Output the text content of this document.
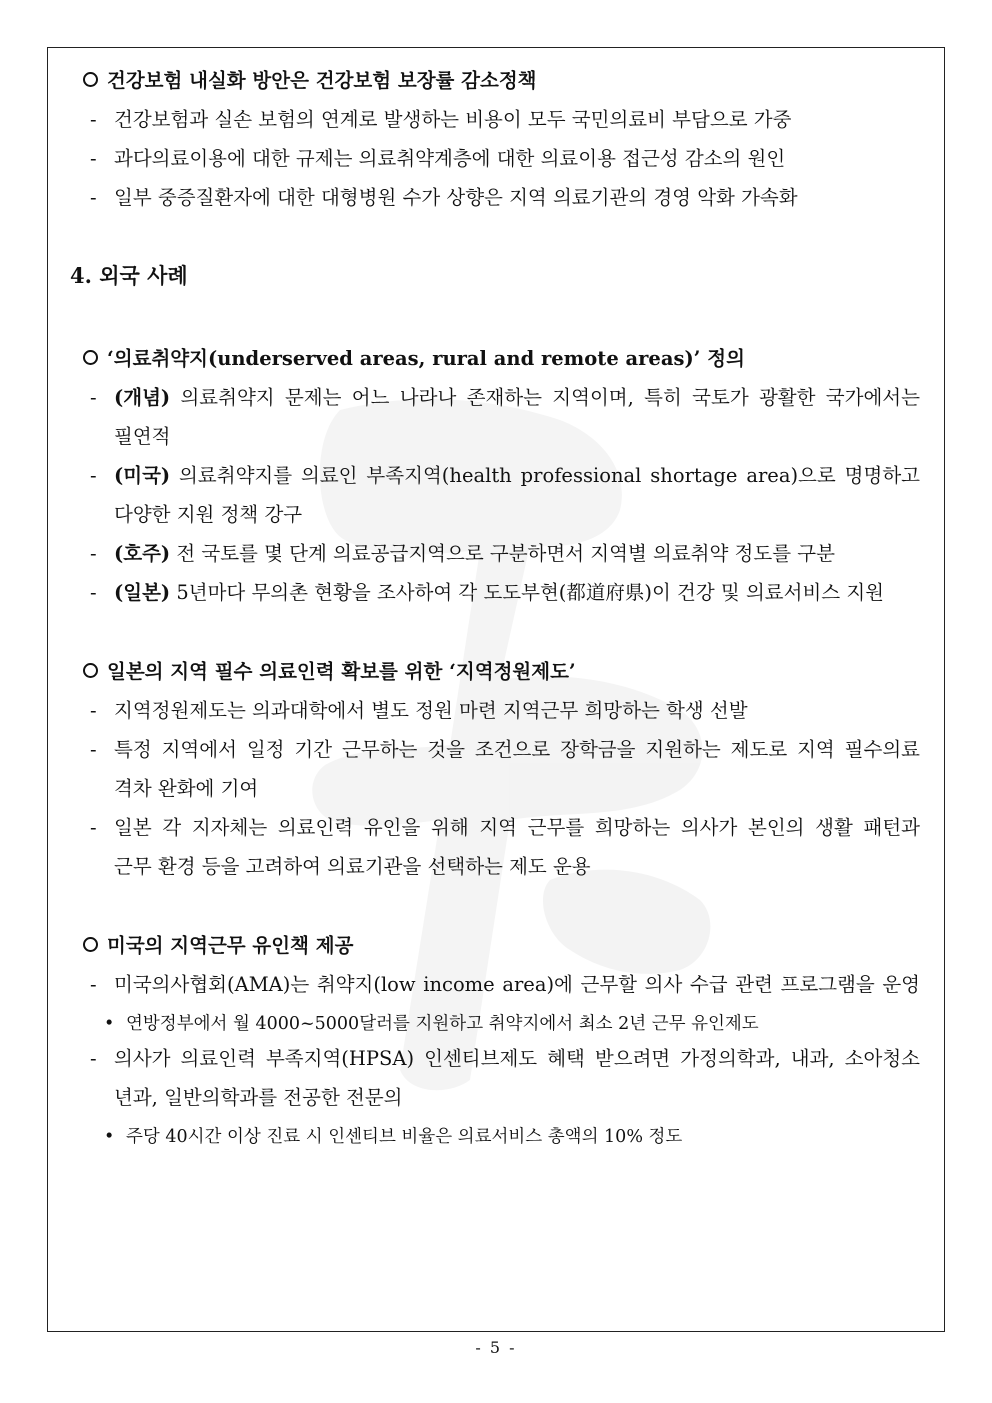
건강보험 내실화 방안은 건강보험 보장률 감소정책
- 건강보험과 실손 보험의 연계로 발생하는 비용이 모두 국민의료비 부담으로 가중
- 과다의료이용에 대한 규제는 의료취약계층에 대한 의료이용 접근성 감소의 원인
- 일부 중증질환자에 대한 대형병원 수가 상향은 지역 의료기관의 경영 악화 가속화
4. 외국 사례
‘의료취약지(underserved areas, rural and remote areas)’ 정의
- (개념) 의료취약지 문제는 어느 나라나 존재하는 지역이며, 특히 국토가 광활한 국가에서는
필연적
- (미국) 의료취약지를 의료인 부족지역(health professional shortage area)으로 명명하고
다양한 지원 정책 강구
- (호주) 전 국토를 몇 단계 의료공급지역으로 구분하면서 지역별 의료취약 정도를 구분
- (일본) 5년마다 무의촌 현황을 조사하여 각 도도부현(都道府県)이 건강 및 의료서비스 지원
일본의 지역 필수 의료인력 확보를 위한 ‘지역정원제도’
- 지역정원제도는 의과대학에서 별도 정원 마련 지역근무 희망하는 학생 선발
- 특정 지역에서 일정 기간 근무하는 것을 조건으로 장학금을 지원하는 제도로 지역 필수의료
격차 완화에 기여
- 일본 각 지자체는 의료인력 유인을 위해 지역 근무를 희망하는 의사가 본인의 생활 패턴과
근무 환경 등을 고려하여 의료기관을 선택하는 제도 운용
미국의 지역근무 유인책 제공
- 미국의사협회(AMA)는 취약지(low income area)에 근무할 의사 수급 관련 프로그램을 운영
• 연방정부에서 월 4000~5000달러를 지원하고 취약지에서 최소 2년 근무 유인제도
- 의사가 의료인력 부족지역(HPSA) 인센티브제도 혜택 받으려면 가정의학과, 내과, 소아청소
년과, 일반의학과를 전공한 전문의
• 주당 40시간 이상 진료 시 인센티브 비율은 의료서비스 총액의 10% 정도
- 5 -
